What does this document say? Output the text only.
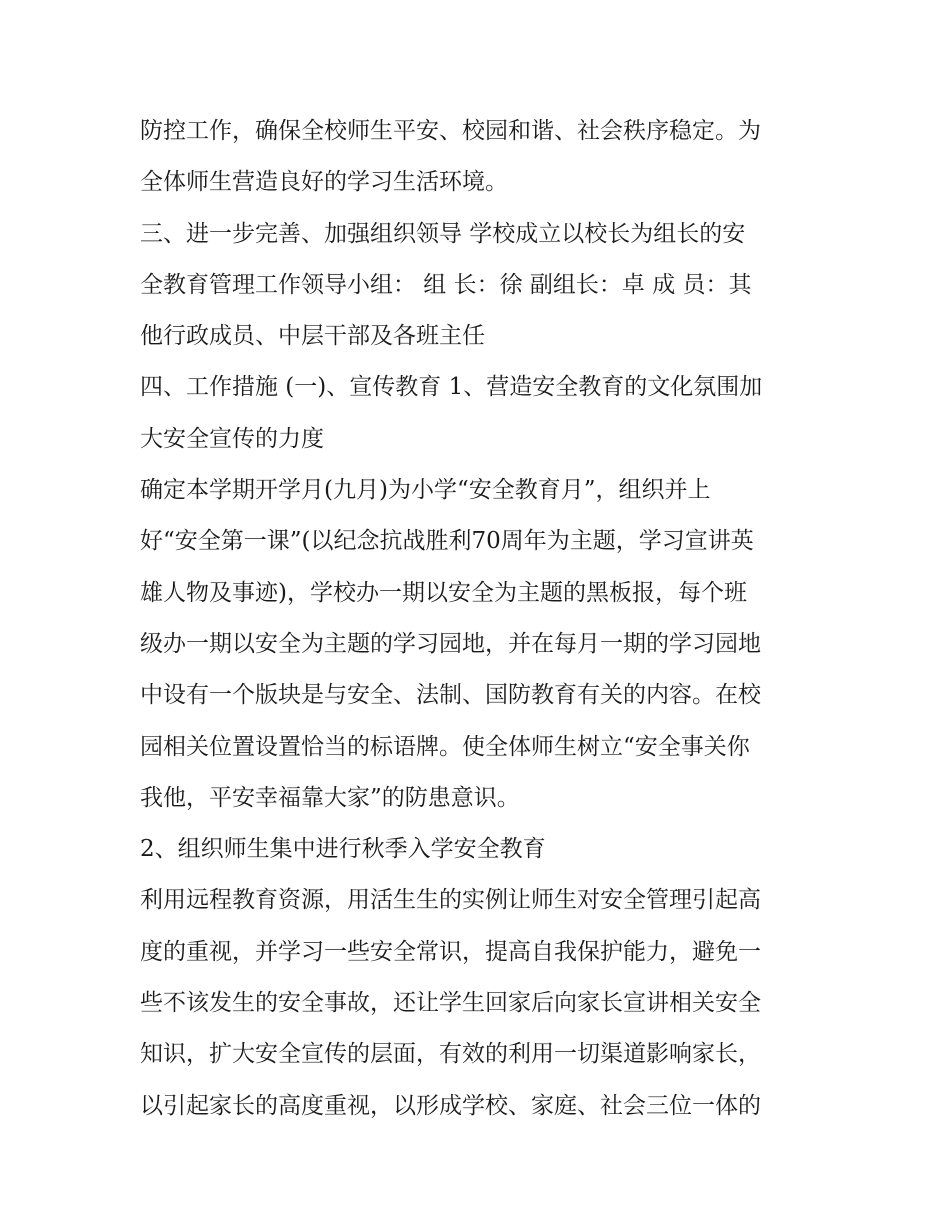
防控工作，确保全校师生平安、校园和谐、社会秩序稳定。为
全体师生营造良好的学习生活环境。
三、进一步完善、加强组织领导 学校成立以校长为组长的安
全教育管理工作领导小组： 组 长：徐 副组长：卓 成 员：其
他行政成员、中层干部及各班主任
四、工作措施 (一)、宣传教育 1、营造安全教育的文化氛围加
大安全宣传的力度
确定本学期开学月(九月)为小学“安全教育月”，组织并上
好“安全第一课”(以纪念抗战胜利70周年为主题，学习宣讲英
雄人物及事迹)，学校办一期以安全为主题的黑板报，每个班
级办一期以安全为主题的学习园地，并在每月一期的学习园地
中设有一个版块是与安全、法制、国防教育有关的内容。在校
园相关位置设置恰当的标语牌。使全体师生树立“安全事关你
我他，平安幸福靠大家”的防患意识。
2、组织师生集中进行秋季入学安全教育
利用远程教育资源，用活生生的实例让师生对安全管理引起高
度的重视，并学习一些安全常识，提高自我保护能力，避免一
些不该发生的安全事故，还让学生回家后向家长宣讲相关安全
知识，扩大安全宣传的层面，有效的利用一切渠道影响家长，
以引起家长的高度重视，以形成学校、家庭、社会三位一体的
